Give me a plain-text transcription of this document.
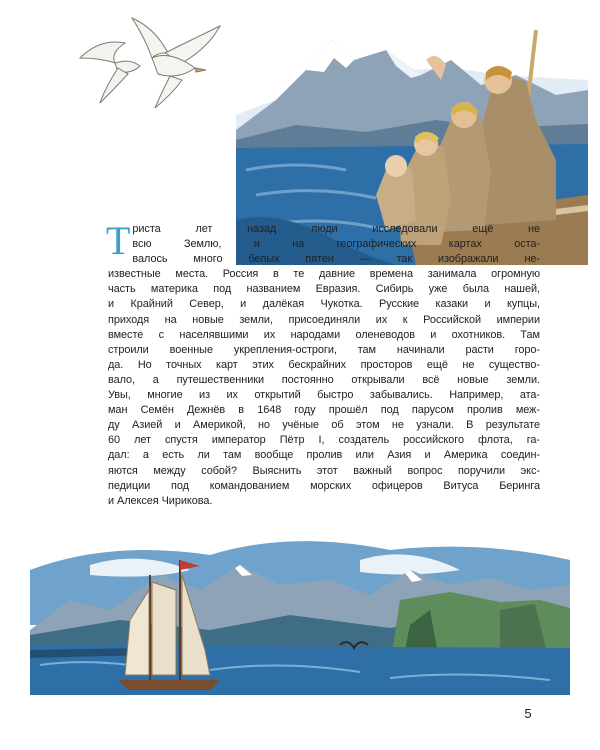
Т риста лет назад люди исследовали ещё не
всю Землю, и на географических картах оста-
валось много белых пятен — так изображали не-
известные места. Россия в те давние времена занимала огромную
часть материка под названием Евразия. Сибирь уже была нашей,
и Крайний Север, и далёкая Чукотка. Русские казаки и купцы,
приходя на новые земли, присоединяли их к Российской империи
вместе с населявшими их народами оленеводов и охотников. Там
строили военные укрепления-остроги, там начинали расти горо-
да. Но точных карт этих бескрайних просторов ещё не существо-
вало, а путешественники постоянно открывали всё новые земли.
Увы, многие из их открытий быстро забывались. Например, ата-
ман Семён Дежнёв в 1648 году прошёл под парусом пролив меж-
ду Азией и Америкой, но учёные об этом не узнали. В результате
60 лет спустя император Пётр I, создатель российского флота, га-
дал: а есть ли там вообще пролив или Азия и Америка соедин-
яются между собой? Выяснить этот важный вопрос поручили экс-
педиции под командованием морских офицеров Витуса Беринга
и Алексея Чирикова.
5
